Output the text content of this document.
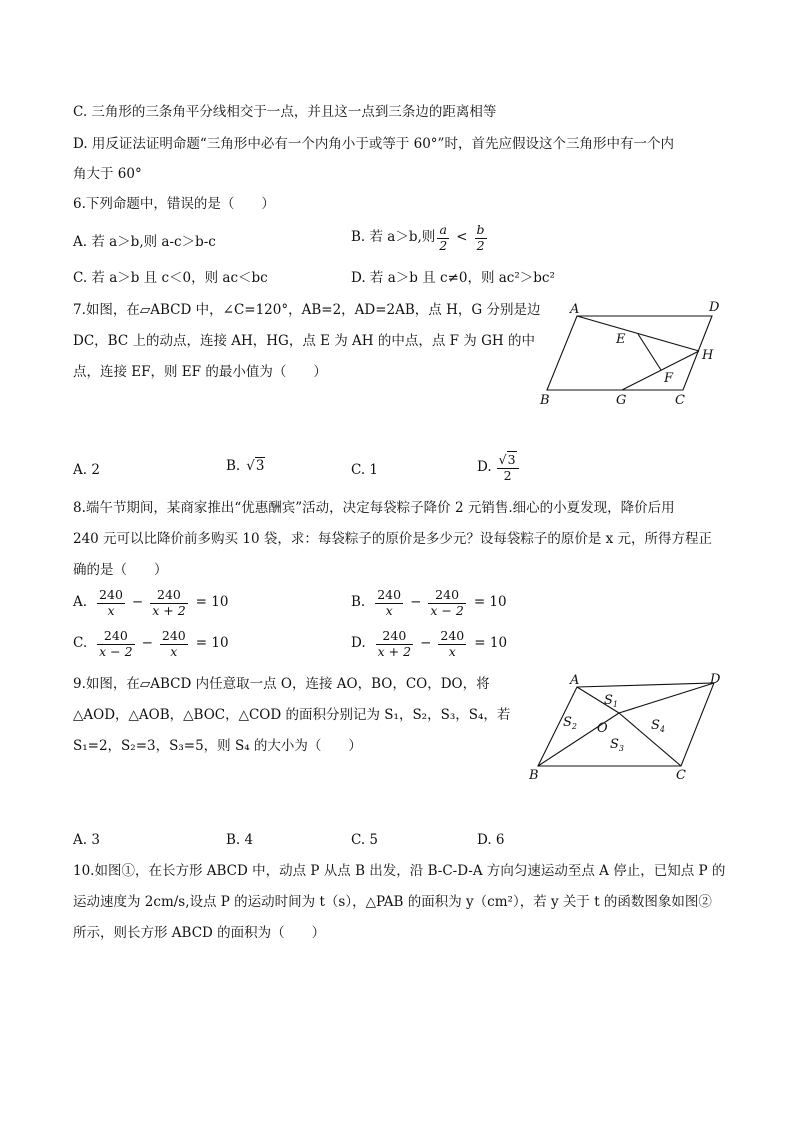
C. 三角形的三条角平分线相交于一点，并且这一点到三条边的距离相等
D. 用反证法证明命题“三角形中必有一个内角小于或等于 60°”时，首先应假设这个三角形中有一个内
角大于 60°
6.下列命题中，错误的是（　　）
A. 若 a＞b,则 a-c＞b-c	B. 若 a＞b,则 $\frac{a}{2} < \frac{b}{2}$
C. 若 a＞b 且 c＜0，则 ac＜bc	D. 若 a＞b 且 c≠0，则 ac²＞bc²
7.如图，在▱ABCD 中，∠C=120°，AB=2，AD=2AB，点 H，G 分别是边
DC，BC 上的动点，连接 AH，HG，点 E 为 AH 的中点，点 F 为 GH 的中
点，连接 EF，则 EF 的最小值为（　　）
A	D
E
H
F
B	G	C
A. 2	B. √3	C. 1	D. $\frac{√3}{2}$
8.端午节期间，某商家推出“优惠酬宾”活动，决定每袋粽子降价 2 元销售.细心的小夏发现，降价后用
240 元可以比降价前多购买 10 袋，求：每袋粽子的原价是多少元？设每袋粽子的原价是 x 元，所得方程正
确的是（　　）
A. $\frac{240}{x} - \frac{240}{x + 2} = 10$	B. $\frac{240}{x} - \frac{240}{x - 2} = 10$
C. $\frac{240}{x - 2} - \frac{240}{x} = 10$	D. $\frac{240}{x + 2} - \frac{240}{x} = 10$
9.如图，在▱ABCD 内任意取一点 O，连接 AO，BO，CO，DO，将
△AOD，△AOB，△BOC，△COD 的面积分别记为 S₁，S₂，S₃，S₄，若
S₁=2，S₂=3，S₃=5，则 S₄ 的大小为（　　）
A	D
O
B	C
$S_1$
$S_2$
$S_3$
$S_4$
A. 3	B. 4	C. 5	D. 6
10.如图①，在长方形 ABCD 中，动点 P 从点 B 出发，沿 B-C-D-A 方向匀速运动至点 A 停止，已知点 P 的
运动速度为 2cm/s,设点 P 的运动时间为 t（s），△PAB 的面积为 y（cm²），若 y 关于 t 的函数图象如图②
所示，则长方形 ABCD 的面积为（　　）
